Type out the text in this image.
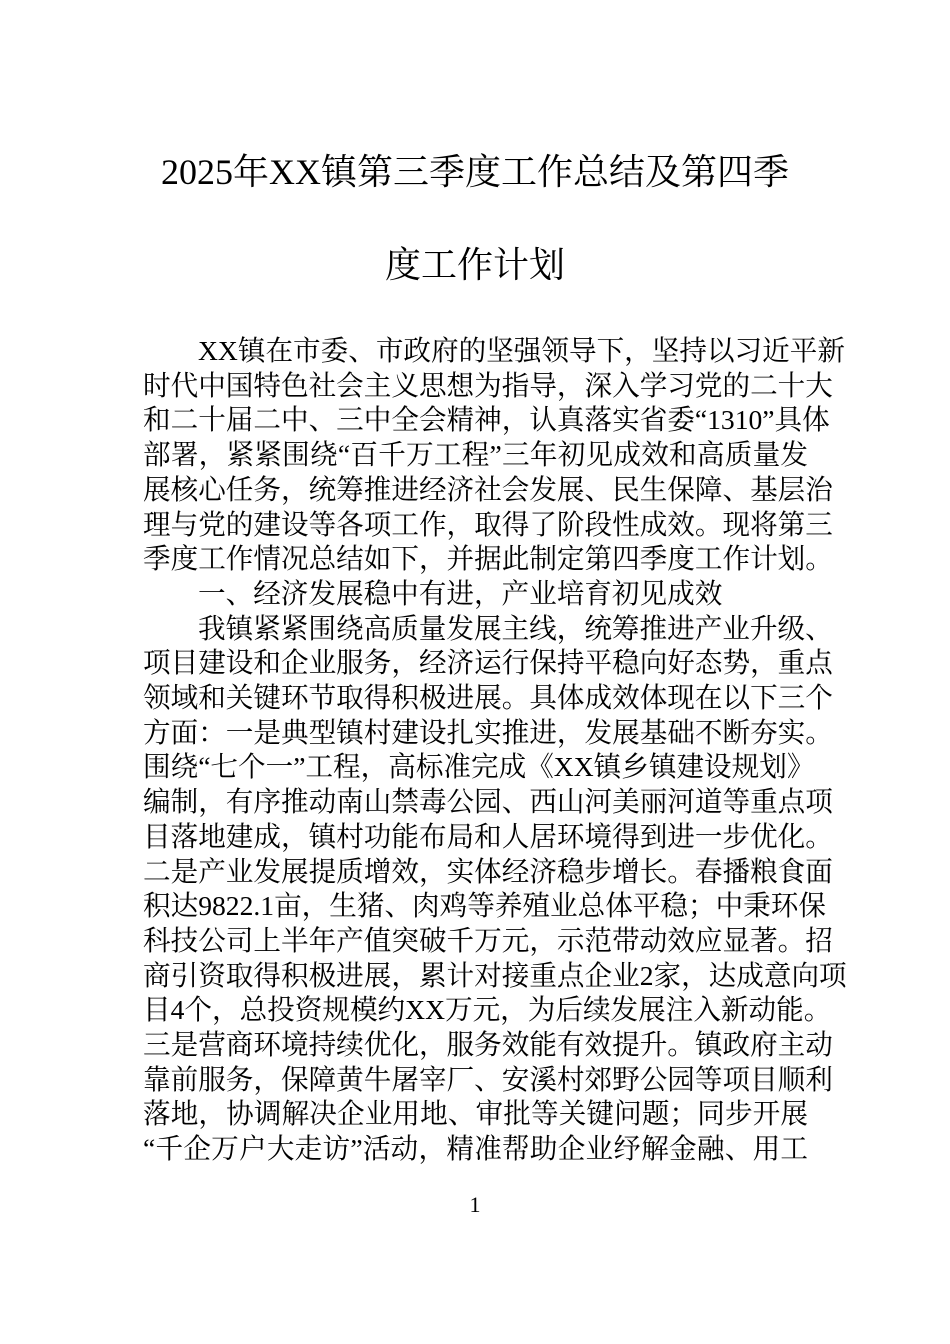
2025年XX镇第三季度工作总结及第四季
度工作计划
XX镇在市委、市政府的坚强领导下，坚持以习近平新
时代中国特色社会主义思想为指导，深入学习党的二十大
和二十届二中、三中全会精神，认真落实省委“1310”具体
部署，紧紧围绕“百千万工程”三年初见成效和高质量发
展核心任务，统筹推进经济社会发展、民生保障、基层治
理与党的建设等各项工作，取得了阶段性成效。现将第三
季度工作情况总结如下，并据此制定第四季度工作计划。
一、经济发展稳中有进，产业培育初见成效
我镇紧紧围绕高质量发展主线，统筹推进产业升级、
项目建设和企业服务，经济运行保持平稳向好态势，重点
领域和关键环节取得积极进展。具体成效体现在以下三个
方面：一是典型镇村建设扎实推进，发展基础不断夯实。
围绕“七个一”工程，高标准完成《XX镇乡镇建设规划》
编制，有序推动南山禁毒公园、西山河美丽河道等重点项
目落地建成，镇村功能布局和人居环境得到进一步优化。
二是产业发展提质增效，实体经济稳步增长。春播粮食面
积达9822.1亩，生猪、肉鸡等养殖业总体平稳；中秉环保
科技公司上半年产值突破千万元，示范带动效应显著。招
商引资取得积极进展，累计对接重点企业2家，达成意向项
目4个，总投资规模约XX万元，为后续发展注入新动能。
三是营商环境持续优化，服务效能有效提升。镇政府主动
靠前服务，保障黄牛屠宰厂、安溪村郊野公园等项目顺利
落地，协调解决企业用地、审批等关键问题；同步开展
“千企万户大走访”活动，精准帮助企业纾解金融、用工
1
